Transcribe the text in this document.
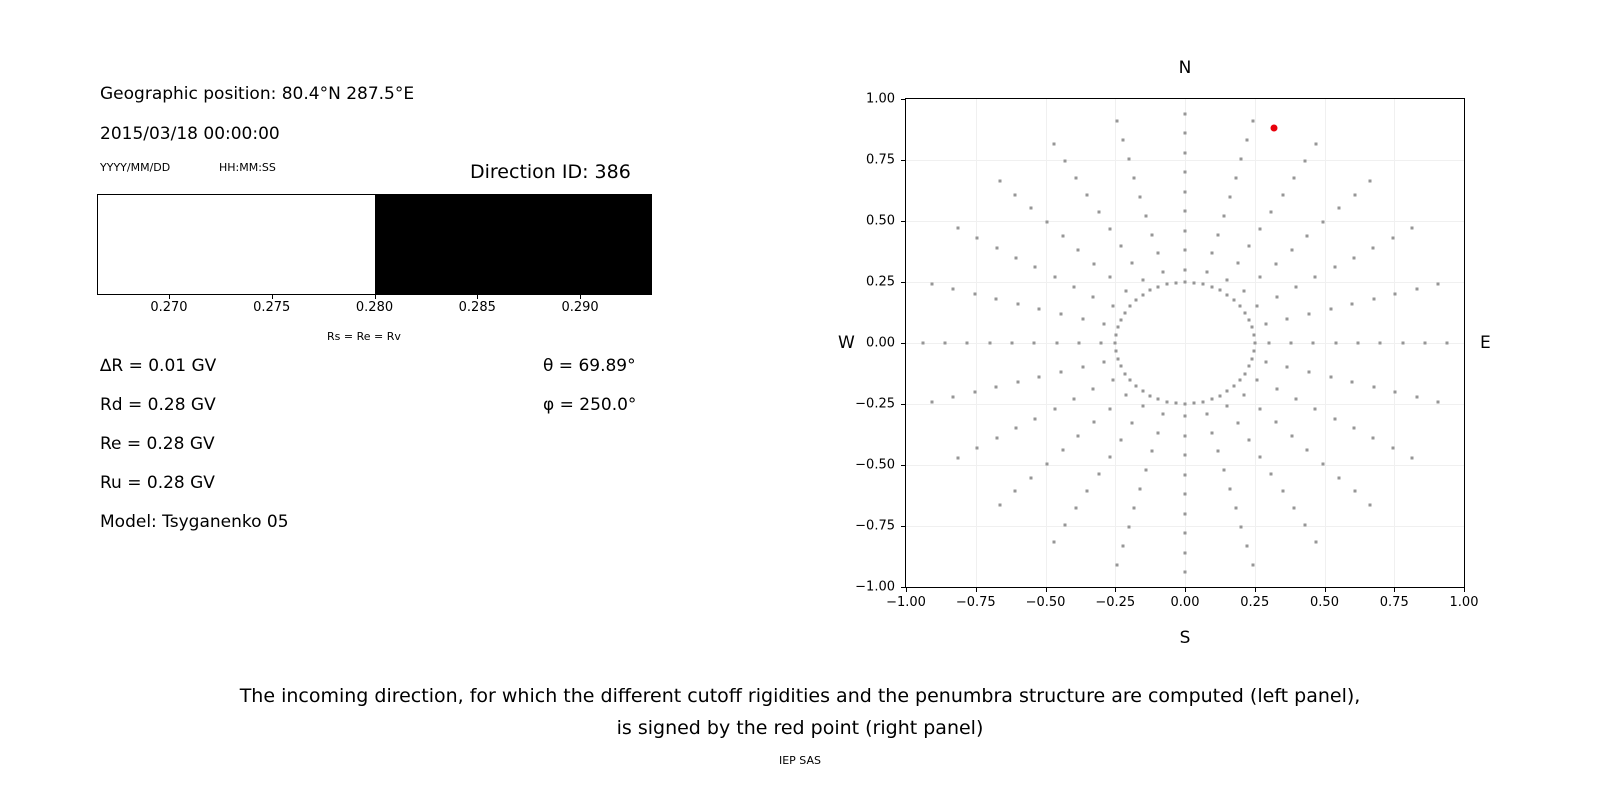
Geographic position: 80.4°N 287.5°E
2015/03/18 00:00:00
YYYY/MM/DD	HH:MM:SS	Direction ID: 386
0.270	0.275	0.280	0.285	0.290
Rs = Re = Rv
∆R = 0.01 GV
Rd = 0.28 GV
Re = 0.28 GV
Ru = 0.28 GV
Model: Tsyganenko 05
θ = 69.89°
φ = 250.0°
N
S
W	E
−1.00
−0.75
−0.50
−0.25
0.00
0.25
0.50
0.75
1.00
−1.00 −0.75 −0.50 −0.25	0.00	0.25	0.50	0.75	1.00
The incoming direction, for which the different cutoff rigidities and the penumbra structure are computed (left panel),
is signed by the red point (right panel)
IEP SAS
